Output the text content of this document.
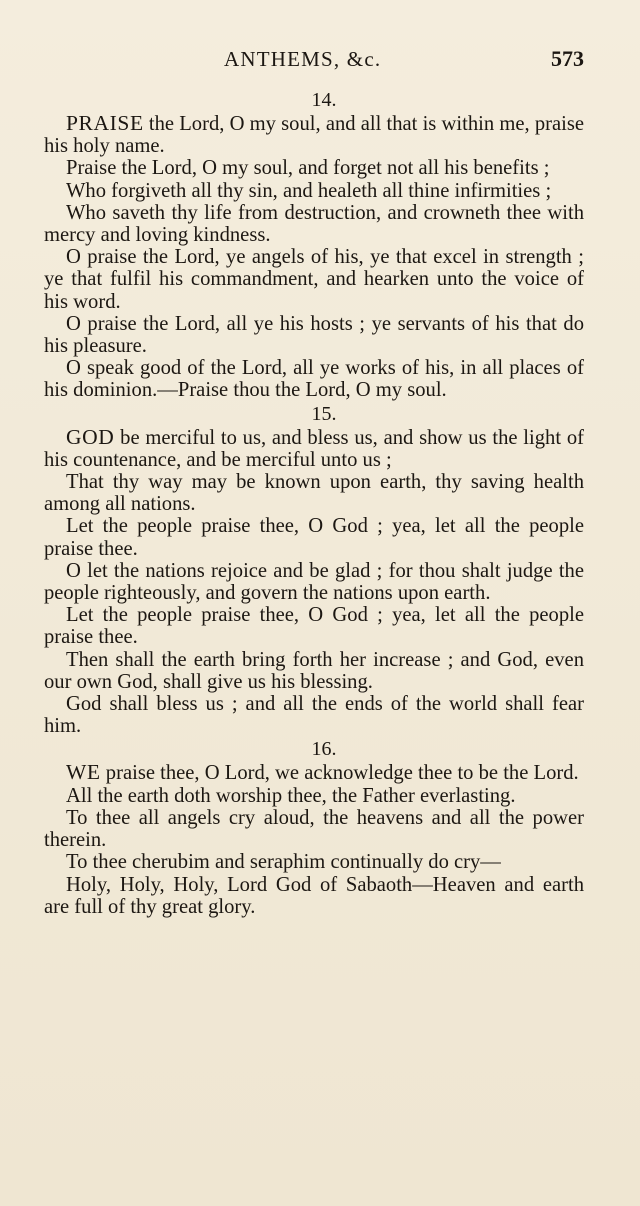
ANTHEMS, &c.	573

14.

PRAISE the Lord, O my soul, and all that is within me, praise his holy name.

Praise the Lord, O my soul, and forget not all his benefits ;

Who forgiveth all thy sin, and healeth all thine infirmities ;

Who saveth thy life from destruction, and crowneth thee with mercy and loving kindness.

O praise the Lord, ye angels of his, ye that excel in strength ; ye that fulfil his commandment, and hearken unto the voice of his word.

O praise the Lord, all ye his hosts ; ye servants of his that do his pleasure.

O speak good of the Lord, all ye works of his, in all places of his dominion.—Praise thou the Lord, O my soul.

15.

GOD be merciful to us, and bless us, and show us the light of his countenance, and be merciful unto us ;

That thy way may be known upon earth, thy saving health among all nations.

Let the people praise thee, O God ; yea, let all the people praise thee.

O let the nations rejoice and be glad ; for thou shalt judge the people righteously, and govern the nations upon earth.

Let the people praise thee, O God ; yea, let all the people praise thee.

Then shall the earth bring forth her increase ; and God, even our own God, shall give us his blessing.

God shall bless us ; and all the ends of the world shall fear him.

16.

WE praise thee, O Lord, we acknowledge thee to be the Lord.

All the earth doth worship thee, the Father everlasting.

To thee all angels cry aloud, the heavens and all the power therein.

To thee cherubim and seraphim continually do cry—

Holy, Holy, Holy, Lord God of Sabaoth—Heaven and earth are full of thy great glory.
